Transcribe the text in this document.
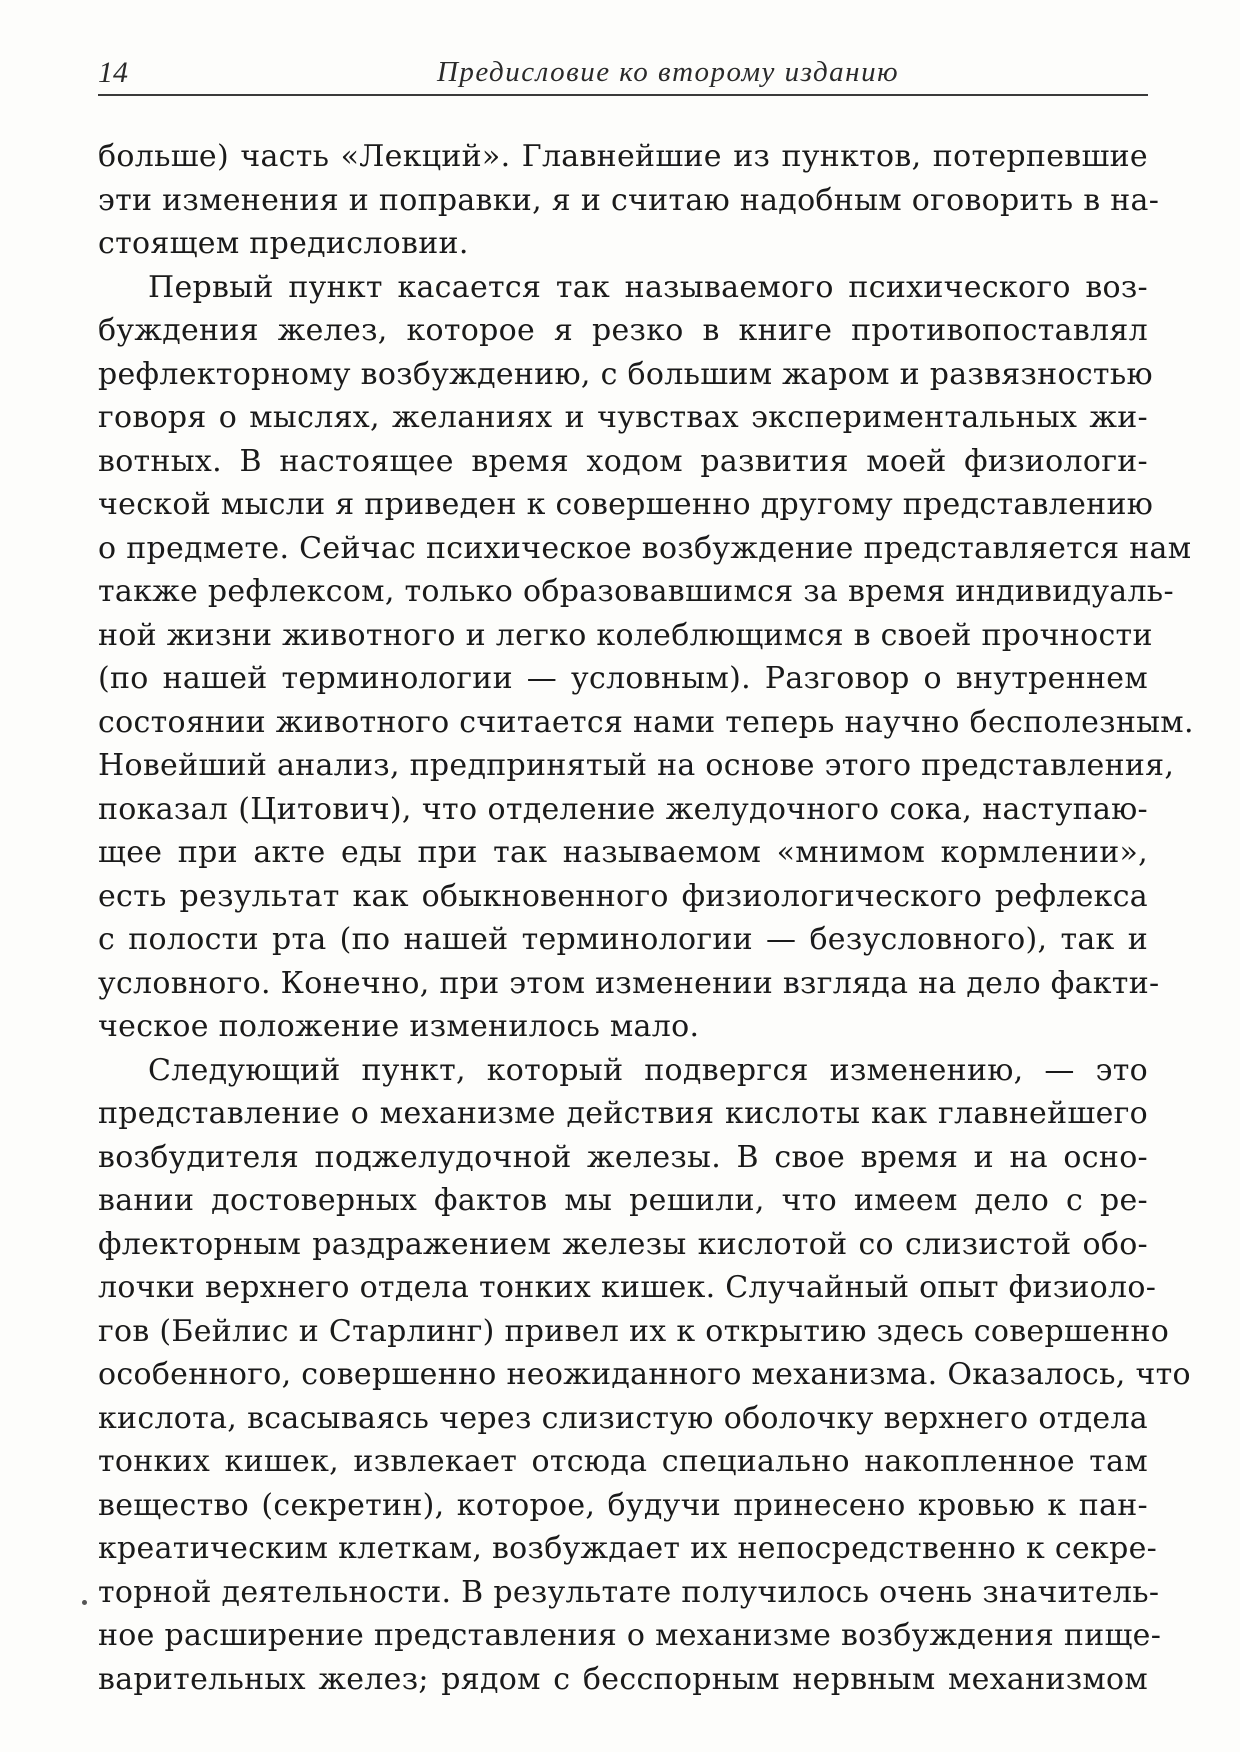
14	Предисловие ко второму изданию
больше) часть «Лекций». Главнейшие из пунктов, потерпевшие
эти изменения и поправки, я и считаю надобным оговорить в на-
стоящем предисловии.
Первый пункт касается так называемого психического воз-
буждения желез, которое я резко в книге противопоставлял
рефлекторному возбуждению, с большим жаром и развязностью
говоря о мыслях, желаниях и чувствах экспериментальных жи-
вотных. В настоящее время ходом развития моей физиологи-
ческой мысли я приведен к совершенно другому представлению
о предмете. Сейчас психическое возбуждение представляется нам
также рефлексом, только образовавшимся за время индивидуаль-
ной жизни животного и легко колеблющимся в своей прочности
(по нашей терминологии — условным). Разговор о внутреннем
состоянии животного считается нами теперь научно бесполезным.
Новейший анализ, предпринятый на основе этого представления,
показал (Цитович), что отделение желудочного сока, наступаю-
щее при акте еды при так называемом «мнимом кормлении»,
есть результат как обыкновенного физиологического рефлекса
с полости рта (по нашей терминологии — безусловного), так и
условного. Конечно, при этом изменении взгляда на дело факти-
ческое положение изменилось мало.
Следующий пункт, который подвергся изменению, — это
представление о механизме действия кислоты как главнейшего
возбудителя поджелудочной железы. В свое время и на осно-
вании достоверных фактов мы решили, что имеем дело с ре-
флекторным раздражением железы кислотой со слизистой обо-
лочки верхнего отдела тонких кишек. Случайный опыт физиоло-
гов (Бейлис и Старлинг) привел их к открытию здесь совершенно
особенного, совершенно неожиданного механизма. Оказалось, что
кислота, всасываясь через слизистую оболочку верхнего отдела
тонких кишек, извлекает отсюда специально накопленное там
вещество (секретин), которое, будучи принесено кровью к пан-
креатическим клеткам, возбуждает их непосредственно к секре-
торной деятельности. В результате получилось очень значитель-
ное расширение представления о механизме возбуждения пище-
варительных желез; рядом с бесспорным нервным механизмом
